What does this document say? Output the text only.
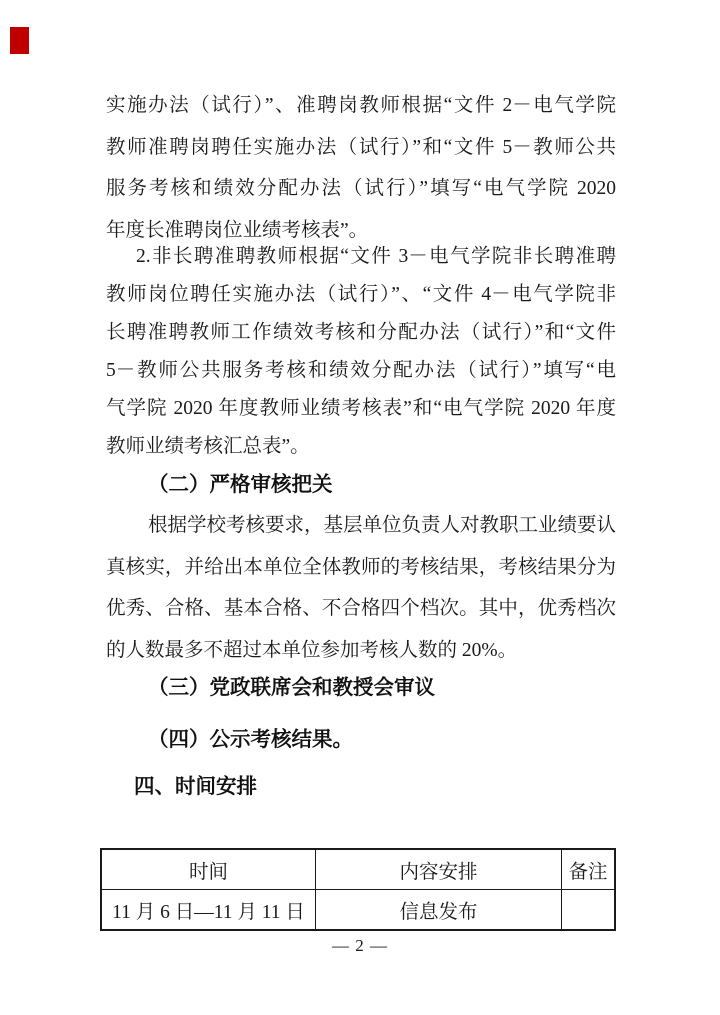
实施办法（试行）”、准聘岗教师根据“文件 2－电气学院
教师准聘岗聘任实施办法（试行）”和“文件 5－教师公共
服务考核和绩效分配办法（试行）”填写“电气学院 2020
年度长准聘岗位业绩考核表”。
2.非长聘准聘教师根据“文件 3－电气学院非长聘准聘
教师岗位聘任实施办法（试行）”、“文件 4－电气学院非
长聘准聘教师工作绩效考核和分配办法（试行）”和“文件
5－教师公共服务考核和绩效分配办法（试行）”填写“电
气学院 2020 年度教师业绩考核表”和“电气学院 2020 年度
教师业绩考核汇总表”。
（二）严格审核把关
根据学校考核要求，基层单位负责人对教职工业绩要认
真核实，并给出本单位全体教师的考核结果，考核结果分为
优秀、合格、基本合格、不合格四个档次。其中，优秀档次
的人数最多不超过本单位参加考核人数的 20%。
（三）党政联席会和教授会审议
（四）公示考核结果。
四、时间安排
时间	内容安排	备注
11 月 6 日—11 月 11 日	信息发布
— 2 —
